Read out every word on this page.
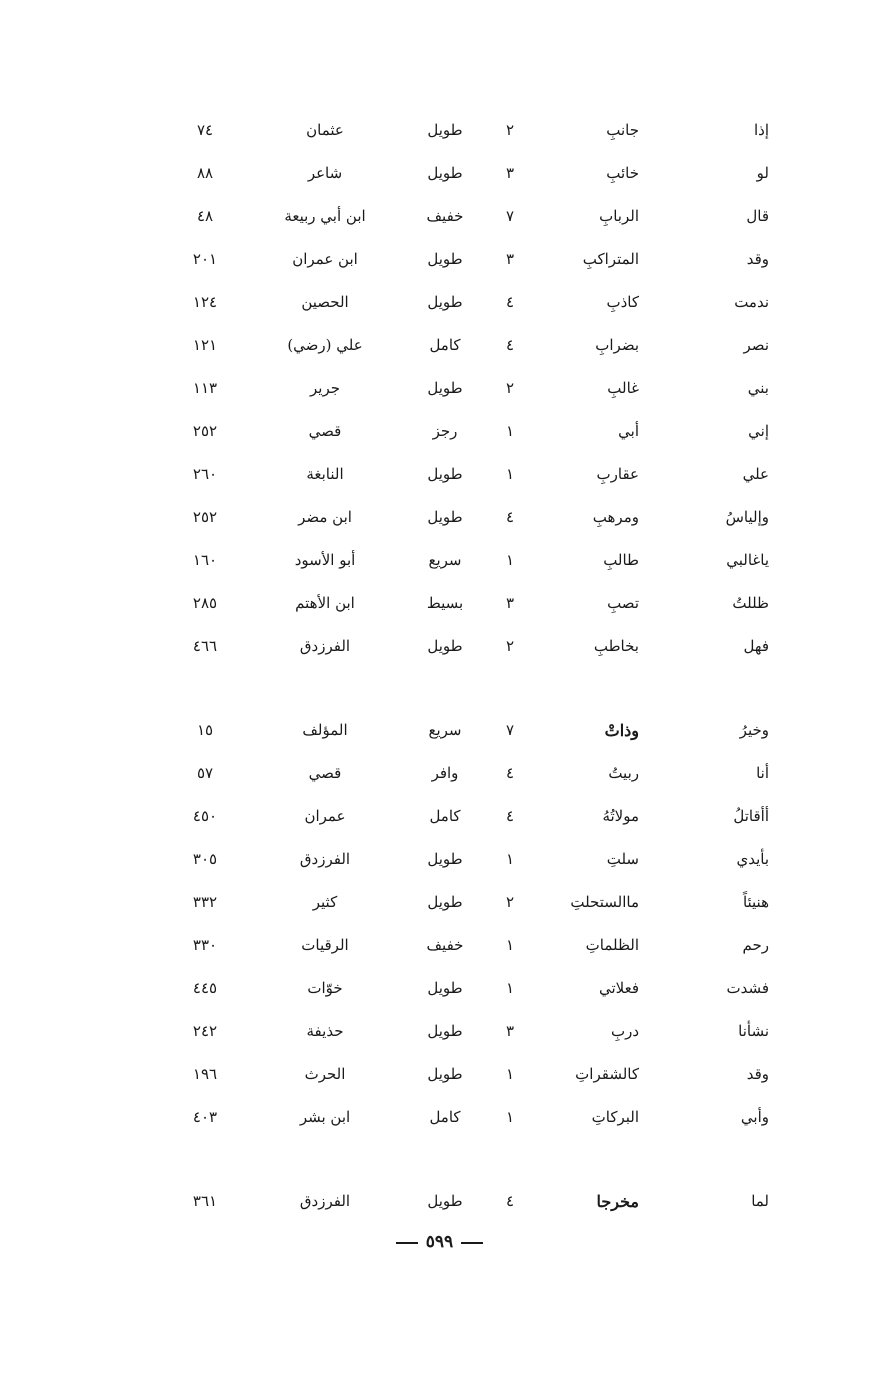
إذا
جانبِ
٢
طويل
عثمان
٧٤
لو
خائبِ
٣
طويل
شاعر
٨٨
قال
الربابِ
٧
خفيف
ابن أبي ربيعة
٤٨
وقد
المتراكبِ
٣
طويل
ابن عمران
٢٠١
ندمت
كاذبِ
٤
طويل
الحصين
١٢٤
نصر
بضرابِ
٤
كامل
علي (رضي)
١٢١
بني
غالبِ
٢
طويل
جرير
١١٣
إني
أبي
١
رجز
قصي
٢٥٢
علي
عقاربِ
١
طويل
النابغة
٢٦٠
وإلياسُ
ومرهبِ
٤
طويل
ابن مضر
٢٥٢
ياغالبي
طالبِ
١
سريع
أبو الأسود
١٦٠
ظللتُ
تصبِ
٣
بسيط
ابن الأهتم
٢٨٥
فهل
بخاطبِ
٢
طويل
الفرزدق
٤٦٦
وخيرُ
وذاتْ
٧
سريع
المؤلف
١٥
أنا
ربيتُ
٤
وافر
قصي
٥٧
أأقاتلُ
مولاتُهُ
٤
كامل
عمران
٤٥٠
بأيدي
سلتِ
١
طويل
الفرزدق
٣٠٥
هنيئاً
ماالستحلتِ
٢
طويل
كثير
٣٣٢
رحم
الظلماتِ
١
خفيف
الرقيات
٣٣٠
فشدت
فعلاتي
١
طويل
خوّات
٤٤٥
نشأنا
دربِ
٣
طويل
حذيفة
٢٤٢
وقد
كالشقراتِ
١
طويل
الحرث
١٩٦
وأبي
البركاتِ
١
كامل
ابن بشر
٤٠٣
لما
مخرجا
٤
طويل
الفرزدق
٣٦١
٥٩٩
